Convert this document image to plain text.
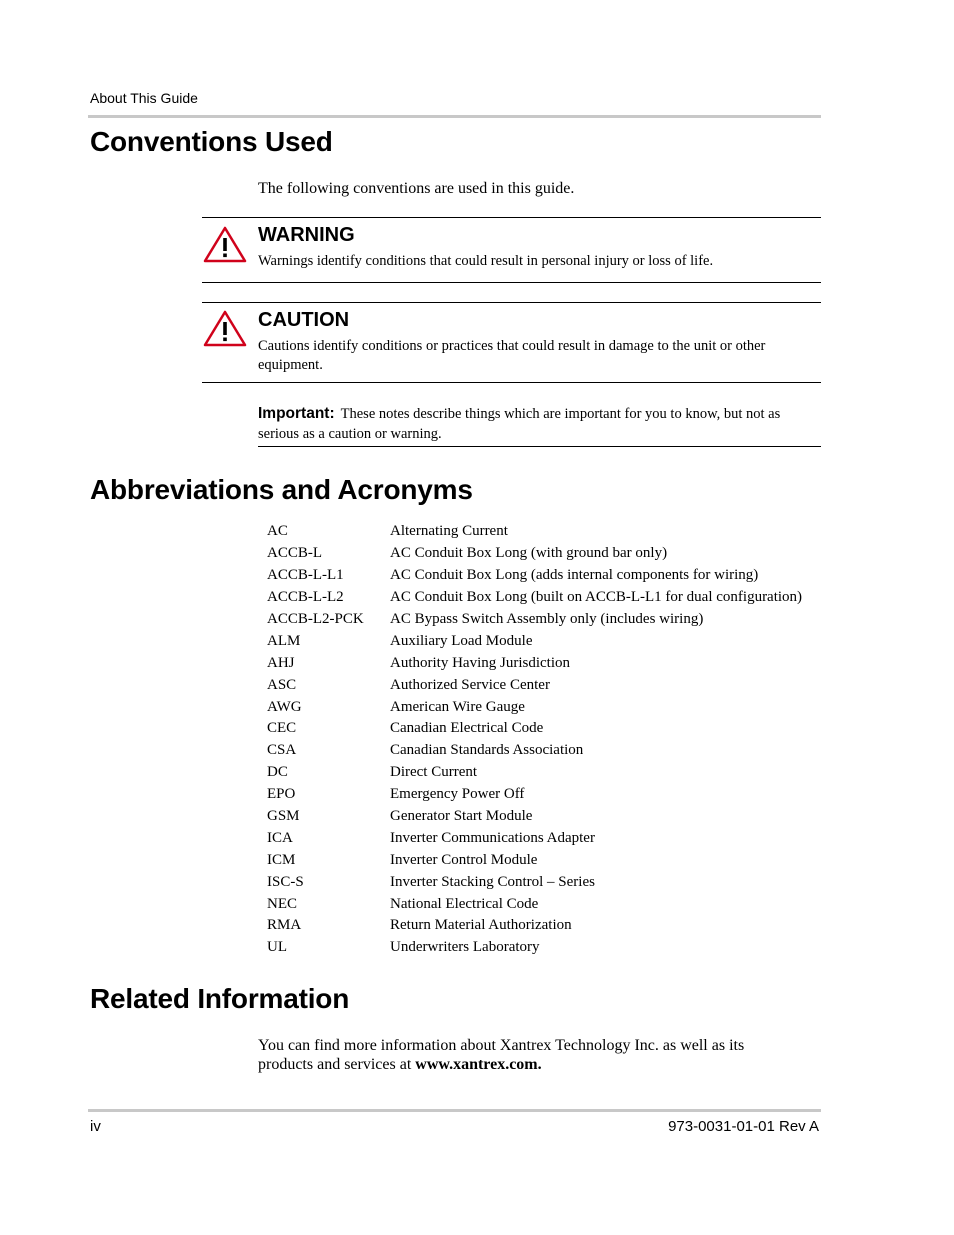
About This Guide
Conventions Used
The following conventions are used in this guide.
WARNING
Warnings identify conditions that could result in personal injury or loss of life.
CAUTION
Cautions identify conditions or practices that could result in damage to the unit or other equipment.
Important: These notes describe things which are important for you to know, but not as serious as a caution or warning.
Abbreviations and Acronyms
AC	Alternating Current
ACCB-L	AC Conduit Box Long (with ground bar only)
ACCB-L-L1	AC Conduit Box Long (adds internal components for wiring)
ACCB-L-L2	AC Conduit Box Long (built on ACCB-L-L1 for dual configuration)
ACCB-L2-PCK	AC Bypass Switch Assembly only (includes wiring)
ALM	Auxiliary Load Module
AHJ	Authority Having Jurisdiction
ASC	Authorized Service Center
AWG	American Wire Gauge
CEC	Canadian Electrical Code
CSA	Canadian Standards Association
DC	Direct Current
EPO	Emergency Power Off
GSM	Generator Start Module
ICA	Inverter Communications Adapter
ICM	Inverter Control Module
ISC-S	Inverter Stacking Control – Series
NEC	National Electrical Code
RMA	Return Material Authorization
UL	Underwriters Laboratory
Related Information
You can find more information about Xantrex Technology Inc. as well as its products and services at www.xantrex.com.
iv	973-0031-01-01 Rev A
